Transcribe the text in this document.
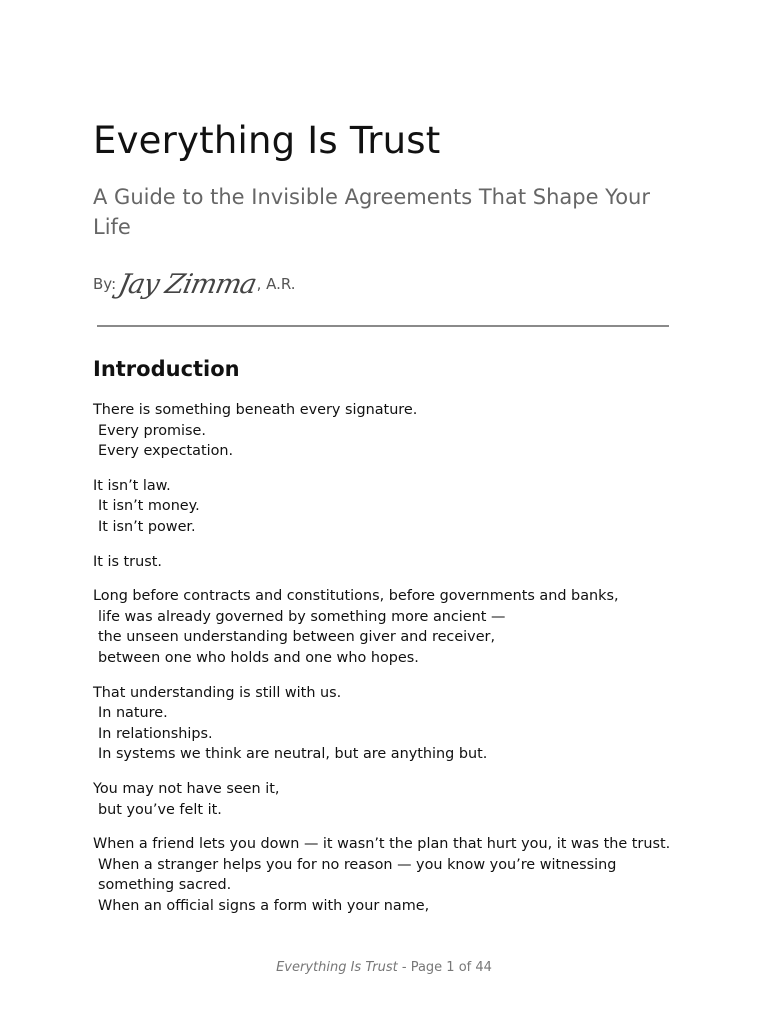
Everything Is Trust
A Guide to the Invisible Agreements That Shape Your Life
By: Jay Zimma
, A.R.
Introduction

There is something beneath every signature.
Every promise.
Every expectation.

It isn’t law.
It isn’t money.
It isn’t power.

It is trust.

Long before contracts and constitutions, before governments and banks,
life was already governed by something more ancient —
the unseen understanding between giver and receiver,
between one who holds and one who hopes.

That understanding is still with us.
In nature.
In relationships.
In systems we think are neutral, but are anything but.

You may not have seen it,
but you’ve felt it.

When a friend lets you down — it wasn’t the plan that hurt you, it was the trust.
When a stranger helps you for no reason — you know you’re witnessing something sacred.
When an official signs a form with your name,

Everything Is Trust - Page 1 of 44
